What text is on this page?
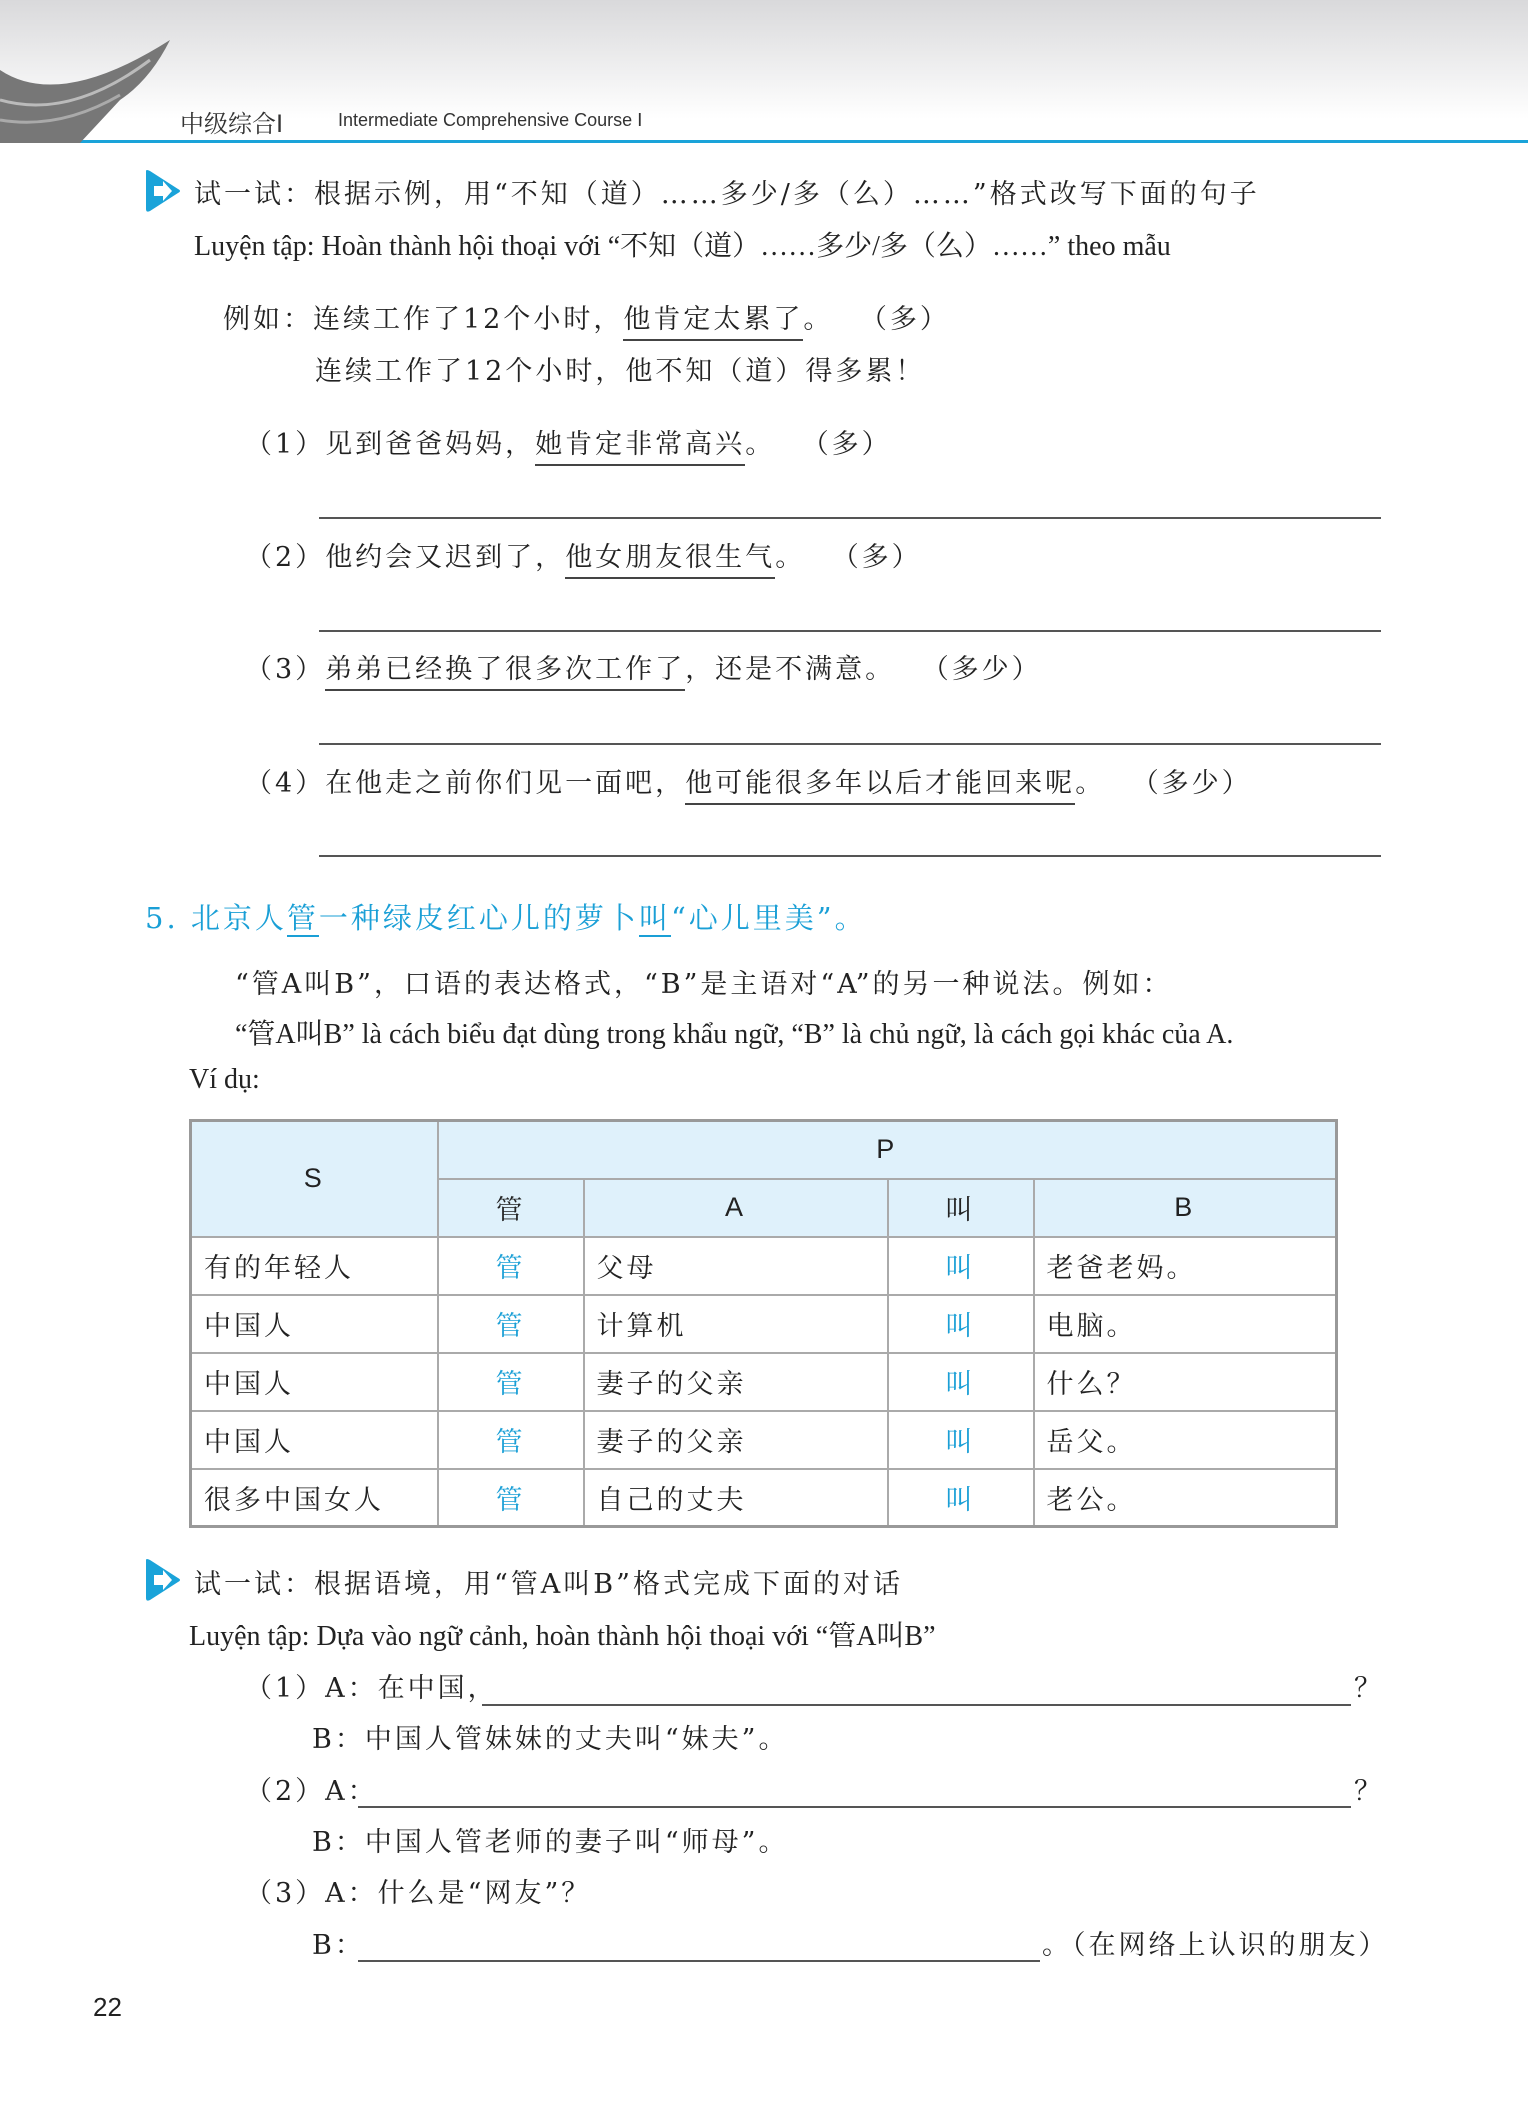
中级综合Ⅰ	Intermediate Comprehensive Course Ⅰ
试一试：根据示例，用“不知（道）……多少/多（么）……”格式改写下面的句子
Luyện tập: Hoàn thành hội thoại với “不知（道）……多少/多（么）……” theo mẫu
例如：连续工作了12个小时，他肯定太累了。 （多）
连续工作了12个小时，他不知（道）得多累！
（1）见到爸爸妈妈，她肯定非常高兴。 （多）
（2）他约会又迟到了，他女朋友很生气。 （多）
（3）弟弟已经换了很多次工作了，还是不满意。 （多少）
（4）在他走之前你们见一面吧，他可能很多年以后才能回来呢。 （多少）
5. 北京人管一种绿皮红心儿的萝卜叫“心儿里美”。
“管A叫B”，口语的表达格式，“B”是主语对“A”的另一种说法。例如：
“管A叫B” là cách biểu đạt dùng trong khẩu ngữ, “B” là chủ ngữ, là cách gọi khác của A.
Ví dụ:
S	P			
	管	A	叫	B
有的年轻人	管	父母	叫	老爸老妈。
中国人	管	计算机	叫	电脑。
中国人	管	妻子的父亲	叫	什么？
中国人	管	妻子的父亲	叫	岳父。
很多中国女人	管	自己的丈夫	叫	老公。
试一试：根据语境，用“管A叫B”格式完成下面的对话
Luyện tập: Dựa vào ngữ cảnh, hoàn thành hội thoại với “管A叫B”
（1）A：在中国，	？
B：中国人管妹妹的丈夫叫“妹夫”。
（2）A：	？
B：中国人管老师的妻子叫“师母”。
（3）A：什么是“网友”？
B：	。（在网络上认识的朋友）
22
